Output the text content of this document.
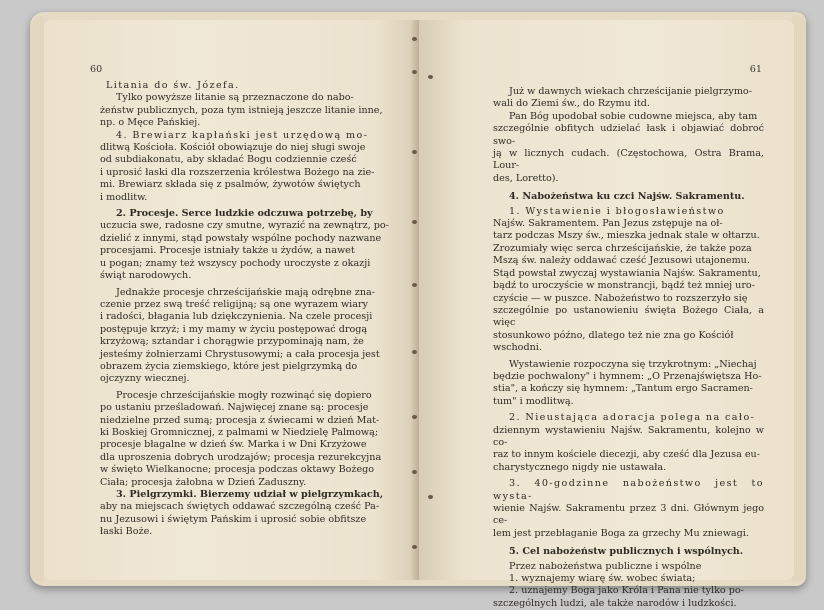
60

Litania do św. Józefa.

Tylko powyższe litanie są przeznaczone do nabo-

żeństw publicznych, poza tym istnieją jeszcze litanie inne,

np. o Męce Pańskiej.

4. Brewiarz kapłański jest urzędową mo-

dlitwą Kościoła. Kościół obowiązuje do niej sługi swoje

od subdiakonatu, aby składać Bogu codziennie cześć

i uprosić łaski dla rozszerzenia królestwa Bożego na zie-

mi. Brewiarz składa się z psalmów, żywotów świętych

i modlitw.

2. Procesje. Serce ludzkie odczuwa potrzebę, by

uczucia swe, radosne czy smutne, wyrazić na zewnątrz, po-

dzielić z innymi, stąd powstały wspólne pochody nazwane

procesjami. Procesje istniały także u żydów, a nawet

u pogan; znamy też wszyscy pochody uroczyste z okazji

świąt narodowych.

Jednakże procesje chrześcijańskie mają odrębne zna-

czenie przez swą treść religijną; są one wyrazem wiary

i radości, błagania lub dziękczynienia. Na czele procesji

postępuje krzyż; i my mamy w życiu postępować drogą

krzyżową; sztandar i chorągwie przypominają nam, że

jesteśmy żołnierzami Chrystusowymi; a cała procesja jest

obrazem życia ziemskiego, które jest pielgrzymką do

ojczyzny wiecznej.

Procesje chrześcijańskie mogły rozwinąć się dopiero

po ustaniu prześladowań. Najwięcej znane są: procesje

niedzielne przed sumą; procesja z świecami w dzień Mat-

ki Boskiej Gromnicznej, z palmami w Niedzielę Palmową;

procesje błagalne w dzień św. Marka i w Dni Krzyżowe

dla uproszenia dobrych urodzajów; procesja rezurekcyjna

w święto Wielkanocne; procesja podczas oktawy Bożego

Ciała; procesja żałobna w Dzień Zaduszny.

3. Pielgrzymki. Bierzemy udział w pielgrzymkach,

aby na miejscach świętych oddawać szczególną cześć Pa-

nu Jezusowi i świętym Pańskim i uprosić sobie obfitsze

łaski Boże.

61

Już w dawnych wiekach chrześcijanie pielgrzymo-

wali do Ziemi św., do Rzymu itd.

Pan Bóg upodobał sobie cudowne miejsca, aby tam

szczególnie obfitych udzielać łask i objawiać dobroć swo-

ją w licznych cudach. (Częstochowa, Ostra Brama, Lour-

des, Loretto).

4. Nabożeństwa ku czci Najśw. Sakramentu.

1. Wystawienie i błogosławieństwo

Najśw. Sakramentem. Pan Jezus zstępuje na oł-

tarz podczas Mszy św., mieszka jednak stale w ołtarzu.

Zrozumiały więc serca chrześcijańskie, że także poza

Mszą św. należy oddawać cześć Jezusowi utajonemu.

Stąd powstał zwyczaj wystawiania Najśw. Sakramentu,

bądź to uroczyście w monstrancji, bądź też mniej uro-

czyście — w puszce. Nabożeństwo to rozszerzyło się

szczególnie po ustanowieniu święta Bożego Ciała, a więc

stosunkowo późno, dlatego też nie zna go Kościół

wschodni.

Wystawienie rozpoczyna się trzykrotnym: „Niechaj

będzie pochwalony" i hymnem: „O Przenajświętsza Ho-

stia", a kończy się hymnem: „Tantum ergo Sacramen-

tum" i modlitwą.

2. Nieustająca adoracja polega na cało-

dziennym wystawieniu Najśw. Sakramentu, kolejno w co-

raz to innym kościele diecezji, aby cześć dla Jezusa eu-

charystycznego nigdy nie ustawała.

3. 40-godzinne nabożeństwo jest to wysta-

wienie Najśw. Sakramentu przez 3 dni. Głównym jego ce-

lem jest przebłaganie Boga za grzechy Mu zniewagi.

5. Cel nabożeństw publicznych i wspólnych.

Przez nabożeństwa publiczne i wspólne

1. wyznajemy wiarę św. wobec świata;

2. uznajemy Boga jako Króla i Pana nie tylko po-

szczególnych ludzi, ale także narodów i ludzkości.
